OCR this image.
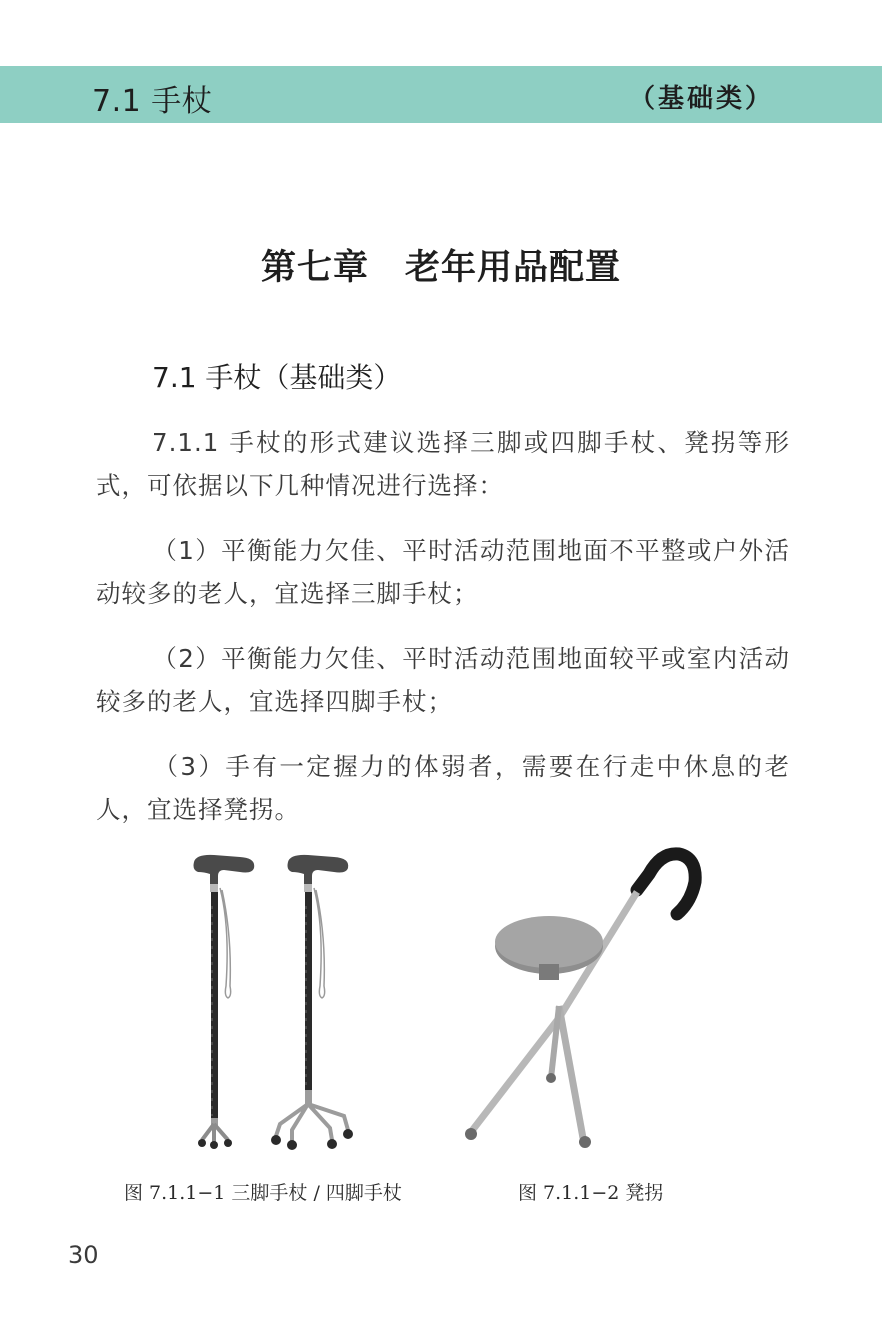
7.1 手杖	（基础类）
第七章　老年用品配置
7.1 手杖（基础类）
7.1.1 手杖的形式建议选择三脚或四脚手杖、凳拐等形式，可依据以下几种情况进行选择：
（1）平衡能力欠佳、平时活动范围地面不平整或户外活动较多的老人，宜选择三脚手杖；
（2）平衡能力欠佳、平时活动范围地面较平或室内活动较多的老人，宜选择四脚手杖；
（3）手有一定握力的体弱者，需要在行走中休息的老人，宜选择凳拐。
图 7.1.1−1 三脚手杖 / 四脚手杖	图 7.1.1−2 凳拐
30
